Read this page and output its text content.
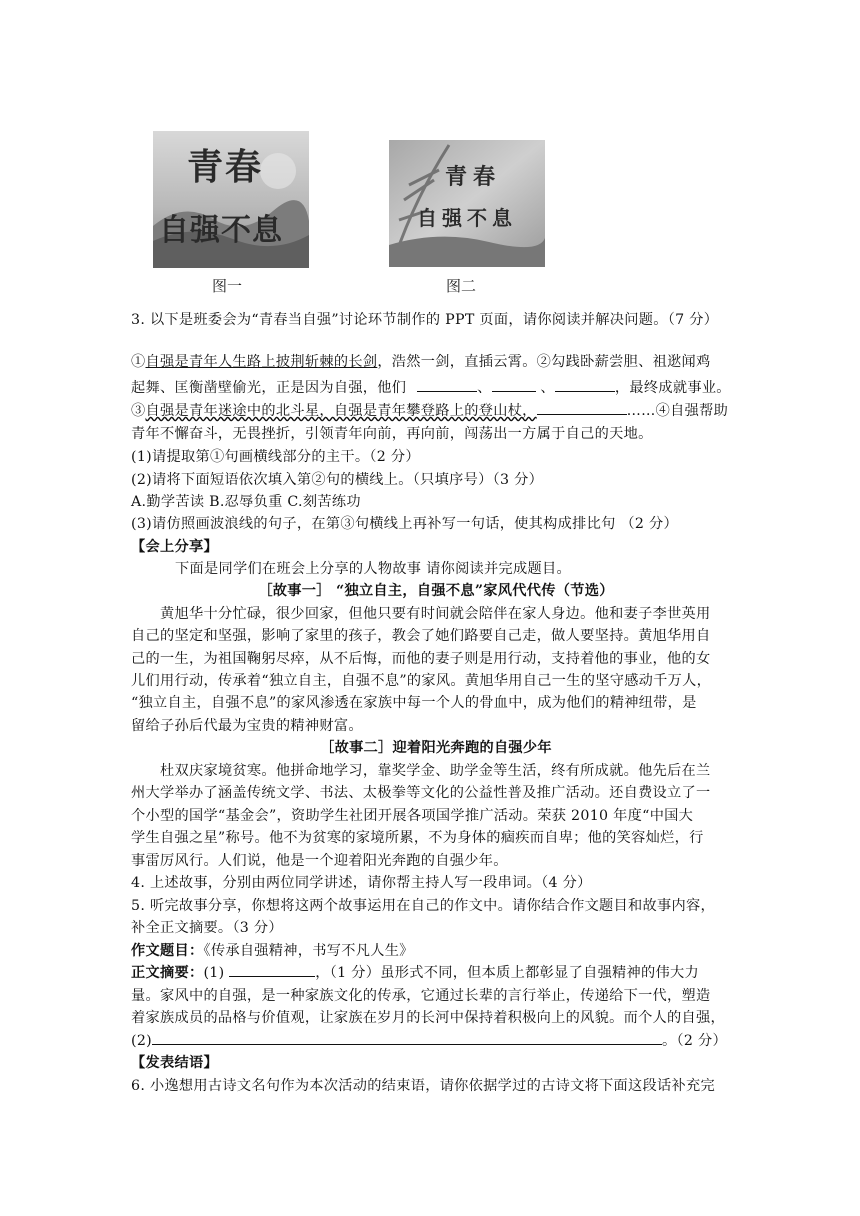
青春
自强不息
图一
青春
自强不息
图二
3. 以下是班委会为“青春当自强”讨论环节制作的 PPT 页面，请你阅读并解决问题。（7 分）
①自强是青年人生路上披荆斩棘的长剑，浩然一剑，直插云霄。②勾践卧薪尝胆、祖逖闻鸡
起舞、匡衡凿壁偷光，正是因为自强，他们	、	、	，最终成就事业。
③自强是青年迷途中的北斗星，自强是青年攀登路上的登山杖，	……④自强帮助
青年不懈奋斗，无畏挫折，引领青年向前，再向前，闯荡出一方属于自己的天地。
(1)请提取第①句画横线部分的主干。（2 分）
(2)请将下面短语依次填入第②句的横线上。（只填序号）（3 分）
A.勤学苦读 B.忍辱负重 C.刻苦练功
(3)请仿照画波浪线的句子，在第③句横线上再补写一句话，使其构成排比句 （2 分）
【会上分享】
下面是同学们在班会上分享的人物故事 请你阅读并完成题目。
［故事一］ “独立自主，自强不息”家风代代传（节选）
黄旭华十分忙碌，很少回家，但他只要有时间就会陪伴在家人身边。他和妻子李世英用
自己的坚定和坚强，影响了家里的孩子，教会了她们路要自己走，做人要坚持。黄旭华用自
己的一生，为祖国鞠躬尽瘁，从不后悔，而他的妻子则是用行动，支持着他的事业，他的女
儿们用行动，传承着“独立自主，自强不息”的家风。黄旭华用自己一生的坚守感动千万人，
“独立自主，自强不息”的家风渗透在家族中每一个人的骨血中，成为他们的精神纽带，是
留给子孙后代最为宝贵的精神财富。
［故事二］迎着阳光奔跑的自强少年
杜双庆家境贫寒。他拼命地学习，靠奖学金、助学金等生活，终有所成就。他先后在兰
州大学举办了涵盖传统文学、书法、太极拳等文化的公益性普及推广活动。还自费设立了一
个小型的国学“基金会”，资助学生社团开展各项国学推广活动。荣获 2010 年度“中国大
学生自强之星”称号。他不为贫寒的家境所累，不为身体的痼疾而自卑；他的笑容灿烂，行
事雷厉风行。人们说，他是一个迎着阳光奔跑的自强少年。
4. 上述故事，分别由两位同学讲述，请你帮主持人写一段串词。（4 分）
5. 听完故事分享，你想将这两个故事运用在自己的作文中。请你结合作文题目和故事内容，
补全正文摘要。（3 分）
作文题目：《传承自强精神，书写不凡人生》
正文摘要：(1)	，（1 分）虽形式不同，但本质上都彰显了自强精神的伟大力
量。家风中的自强，是一种家族文化的传承，它通过长辈的言行举止，传递给下一代，塑造
着家族成员的品格与价值观，让家族在岁月的长河中保持着积极向上的风貌。而个人的自强，
(2)	。（2 分）
【发表结语】
6. 小逸想用古诗文名句作为本次活动的结束语，请你依据学过的古诗文将下面这段话补充完
